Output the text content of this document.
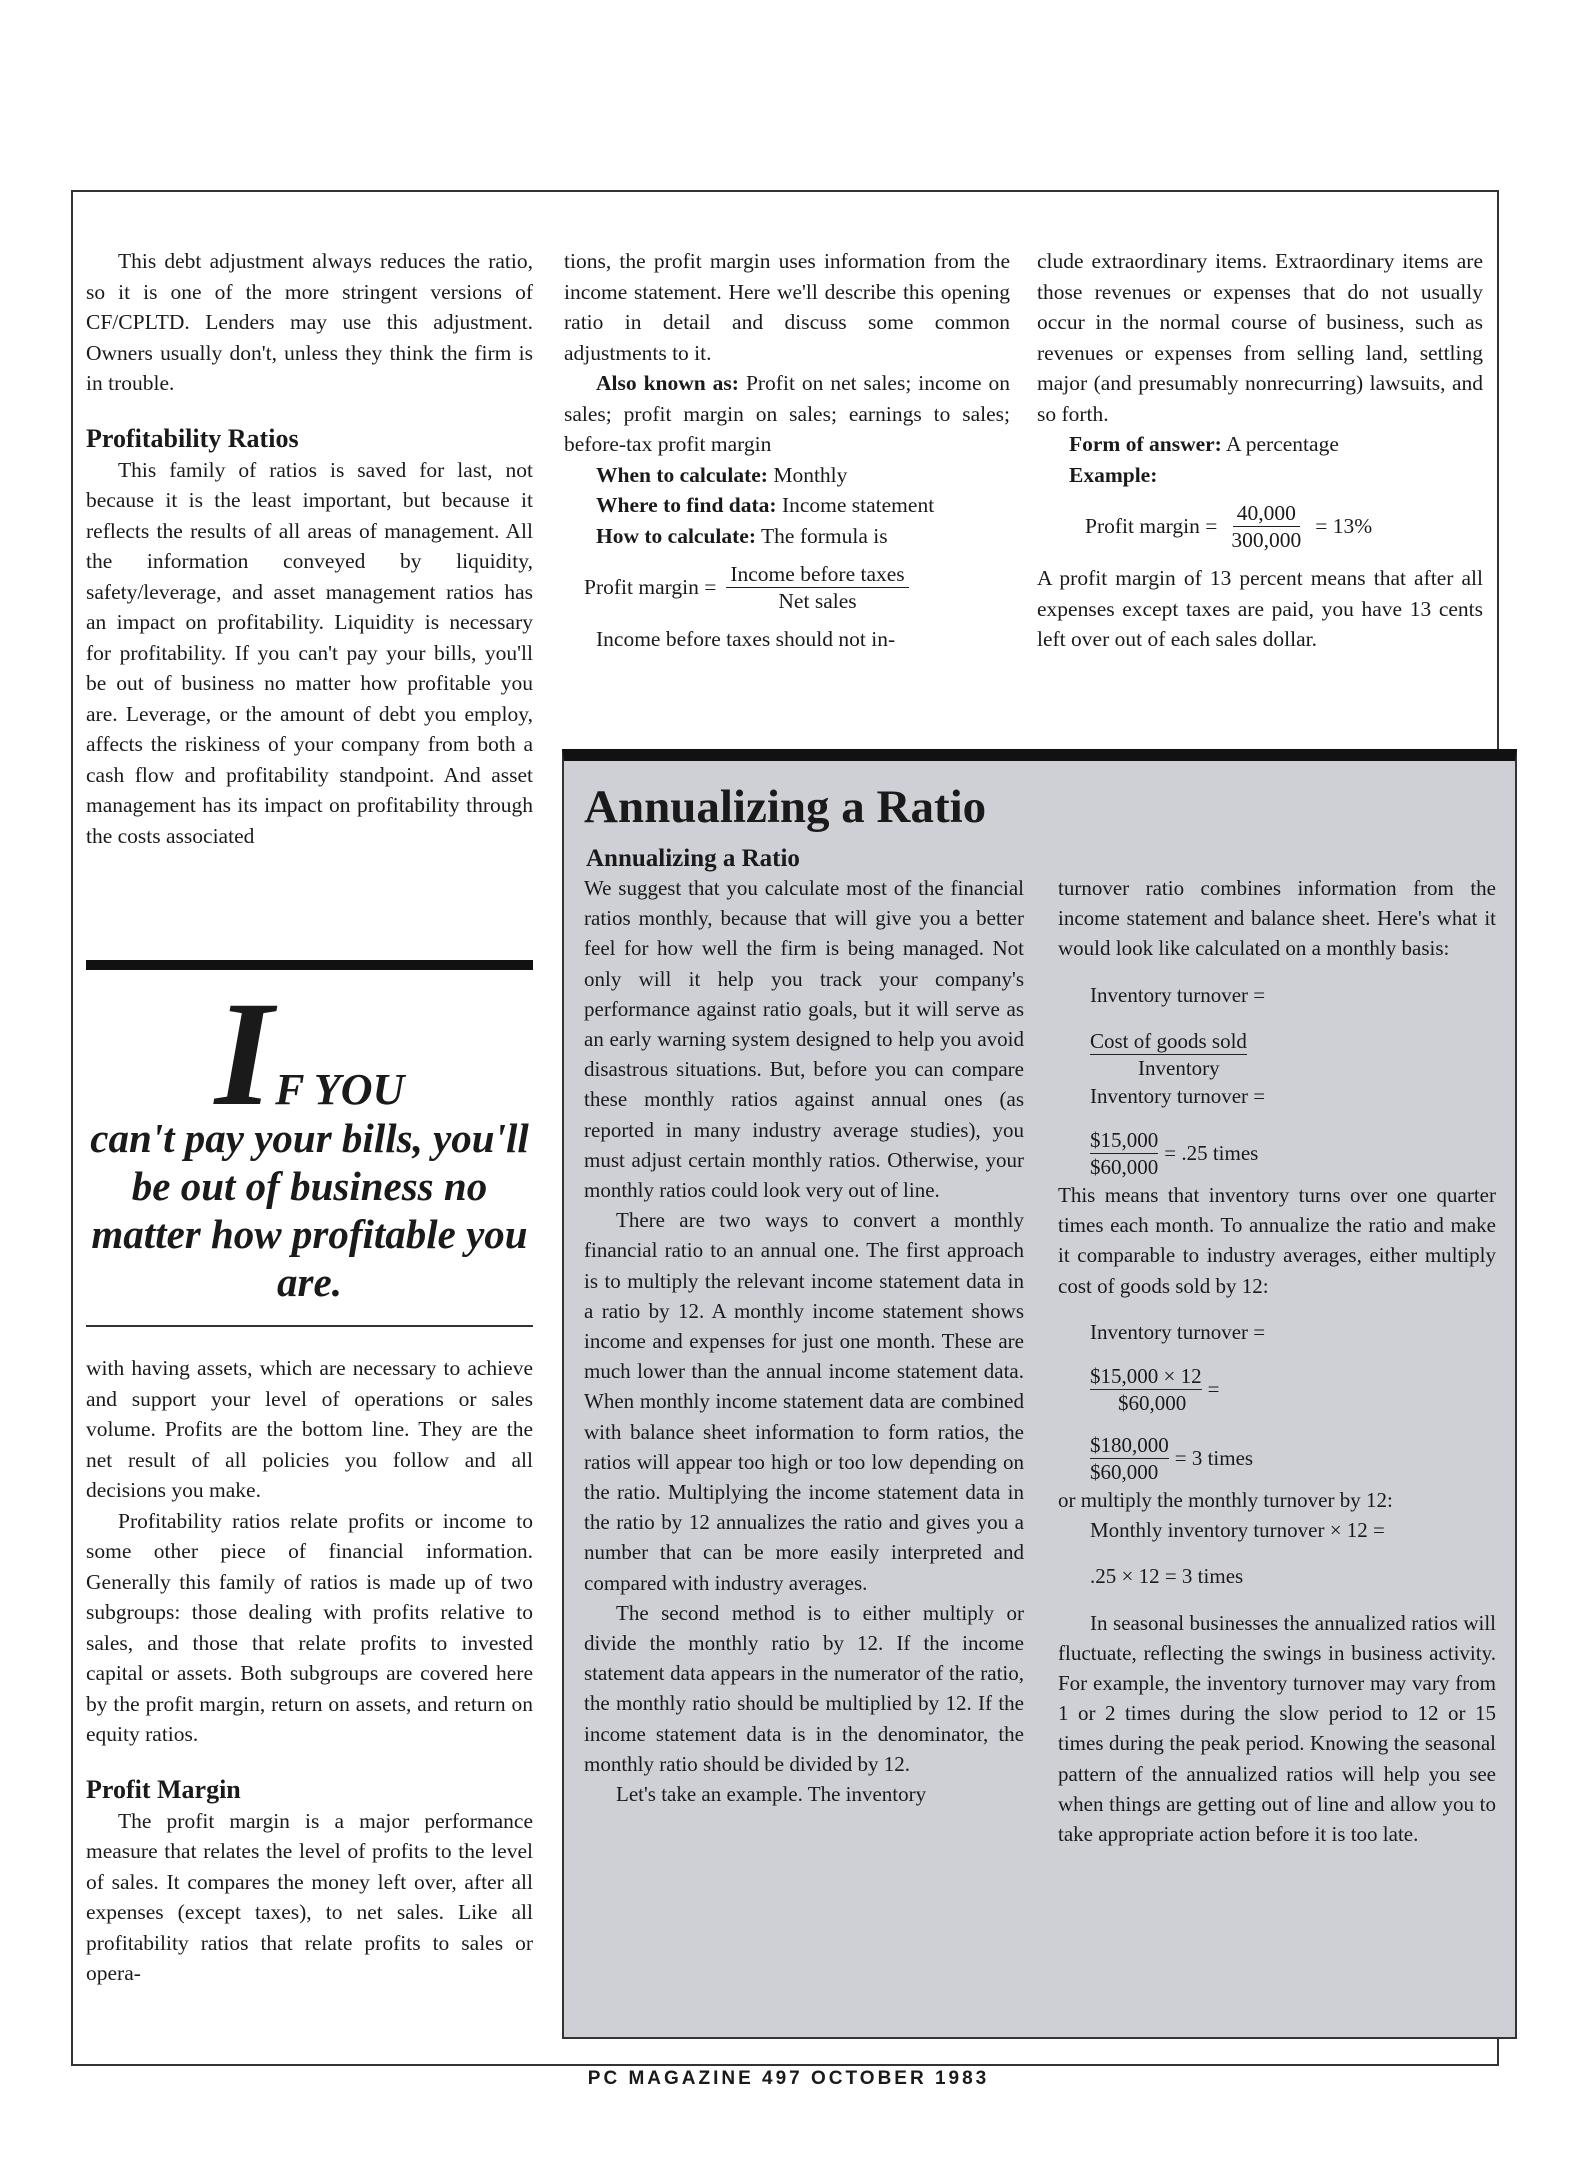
This debt adjustment always reduces the ratio, so it is one of the more stringent versions of CF/CPLTD. Lenders may use this adjustment. Owners usually don't, unless they think the firm is in trouble.

Profitability Ratios

This family of ratios is saved for last, not because it is the least important, but because it reflects the results of all areas of management. All the information conveyed by liquidity, safety/leverage, and asset management ratios has an impact on profitability. Liquidity is necessary for profitability. If you can't pay your bills, you'll be out of business no matter how profitable you are. Leverage, or the amount of debt you employ, affects the riskiness of your company from both a cash flow and profitability standpoint. And asset management has its impact on profitability through the costs associated

I F YOU
can't pay your bills, you'll be out of business no matter how profitable you are.

with having assets, which are necessary to achieve and support your level of operations or sales volume. Profits are the bottom line. They are the net result of all policies you follow and all decisions you make.

Profitability ratios relate profits or income to some other piece of financial information. Generally this family of ratios is made up of two subgroups: those dealing with profits relative to sales, and those that relate profits to invested capital or assets. Both subgroups are covered here by the profit margin, return on assets, and return on equity ratios.

Profit Margin

The profit margin is a major performance measure that relates the level of profits to the level of sales. It compares the money left over, after all expenses (except taxes), to net sales. Like all profitability ratios that relate profits to sales or opera-

tions, the profit margin uses information from the income statement. Here we'll describe this opening ratio in detail and discuss some common adjustments to it.

Also known as: Profit on net sales; income on sales; profit margin on sales; earnings to sales; before-tax profit margin

When to calculate: Monthly

Where to find data: Income statement

How to calculate: The formula is

Profit margin = $\frac{\text{Income before taxes}}{\text{Net sales}}$

Income before taxes should not in-

clude extraordinary items. Extraordinary items are those revenues or expenses that do not usually occur in the normal course of business, such as revenues or expenses from selling land, settling major (and presumably nonrecurring) lawsuits, and so forth.

Form of answer: A percentage

Example:

Profit margin = $\frac{40,000}{300,000} = 13\%$

A profit margin of 13 percent means that after all expenses except taxes are paid, you have 13 cents left over out of each sales dollar.

Annualizing a Ratio
Annualizing a Ratio

We suggest that you calculate most of the financial ratios monthly, because that will give you a better feel for how well the firm is being managed. Not only will it help you track your company's performance against ratio goals, but it will serve as an early warning system designed to help you avoid disastrous situations. But, before you can compare these monthly ratios against annual ones (as reported in many industry average studies), you must adjust certain monthly ratios. Otherwise, your monthly ratios could look very out of line.

There are two ways to convert a monthly financial ratio to an annual one. The first approach is to multiply the relevant income statement data in a ratio by 12. A monthly income statement shows income and expenses for just one month. These are much lower than the annual income statement data. When monthly income statement data are combined with balance sheet information to form ratios, the ratios will appear too high or too low depending on the ratio. Multiplying the income statement data in the ratio by 12 annualizes the ratio and gives you a number that can be more easily interpreted and compared with industry averages.

The second method is to either multiply or divide the monthly ratio by 12. If the income statement data appears in the numerator of the ratio, the monthly ratio should be multiplied by 12. If the income statement data is in the denominator, the monthly ratio should be divided by 12.

Let's take an example. The inventory

turnover ratio combines information from the income statement and balance sheet. Here's what it would look like calculated on a monthly basis:

Inventory turnover =

$\frac{\text{Cost of goods sold}}{\text{Inventory}}$

Inventory turnover =

$\frac{\$15,000}{\$60,000} = .25$ times

This means that inventory turns over one quarter times each month. To annualize the ratio and make it comparable to industry averages, either multiply cost of goods sold by 12:

Inventory turnover =

$\frac{\$15,000 \times 12}{\$60,000}$ =
$\frac{\$180,000}{\$60,000} = 3$ times

or multiply the monthly turnover by 12:

Monthly inventory turnover × 12 =

.25 × 12 = 3 times

In seasonal businesses the annualized ratios will fluctuate, reflecting the swings in business activity. For example, the inventory turnover may vary from 1 or 2 times during the slow period to 12 or 15 times during the peak period. Knowing the seasonal pattern of the annualized ratios will help you see when things are getting out of line and allow you to take appropriate action before it is too late.

PC MAGAZINE 497 OCTOBER 1983
